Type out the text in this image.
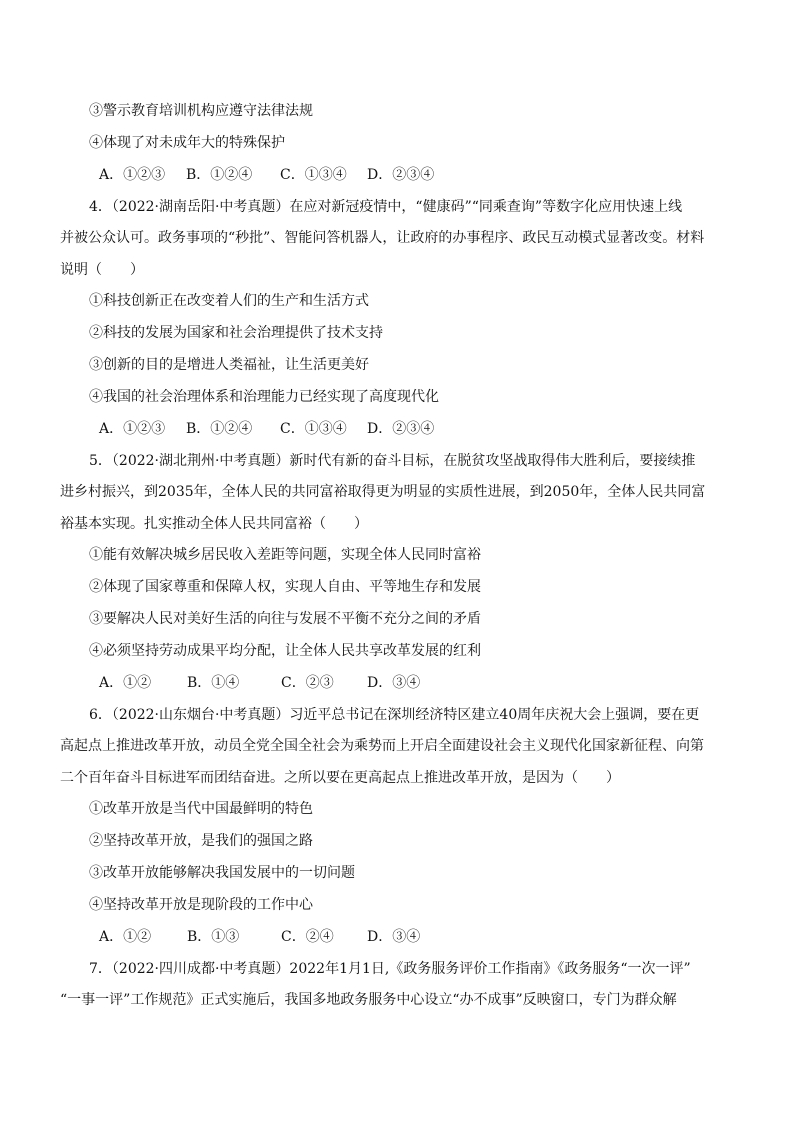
③警示教育培训机构应遵守法律法规
④体现了对未成年大的特殊保护
A．①②③ B．①②④ C．①③④ D．②③④
4．（2022·湖南岳阳·中考真题）在应对新冠疫情中，“健康码”“同乘查询”等数字化应用快速上线
并被公众认可。政务事项的“秒批”、智能问答机器人，让政府的办事程序、政民互动模式显著改变。材料
说明（　　）
①科技创新正在改变着人们的生产和生活方式
②科技的发展为国家和社会治理提供了技术支持
③创新的目的是增进人类福祉，让生活更美好
④我国的社会治理体系和治理能力已经实现了高度现代化
A．①②③ B．①②④ C．①③④ D．②③④
5．（2022·湖北荆州·中考真题）新时代有新的奋斗目标，在脱贫攻坚战取得伟大胜利后，要接续推
进乡村振兴，到2035年，全体人民的共同富裕取得更为明显的实质性进展，到2050年，全体人民共同富
裕基本实现。扎实推动全体人民共同富裕（　　）
①能有效解决城乡居民收入差距等问题，实现全体人民同时富裕
②体现了国家尊重和保障人权，实现人自由、平等地生存和发展
③要解决人民对美好生活的向往与发展不平衡不充分之间的矛盾
④必须坚持劳动成果平均分配，让全体人民共享改革发展的红利
A．①②	B．①④	C．②③ D．③④
6．（2022·山东烟台·中考真题）习近平总书记在深圳经济特区建立40周年庆祝大会上强调，要在更
高起点上推进改革开放，动员全党全国全社会为乘势而上开启全面建设社会主义现代化国家新征程、向第
二个百年奋斗目标进军而团结奋进。之所以要在更高起点上推进改革开放，是因为（　　）
①改革开放是当代中国最鲜明的特色
②坚持改革开放，是我们的强国之路
③改革开放能够解决我国发展中的一切问题
④坚持改革开放是现阶段的工作中心
A．①②	B．①③	C．②④ D．③④
7．（2022·四川成都·中考真题）2022年1月1日,《政务服务评价工作指南》《政务服务“一次一评”
“一事一评”工作规范》正式实施后，我国多地政务服务中心设立“办不成事”反映窗口，专门为群众解
